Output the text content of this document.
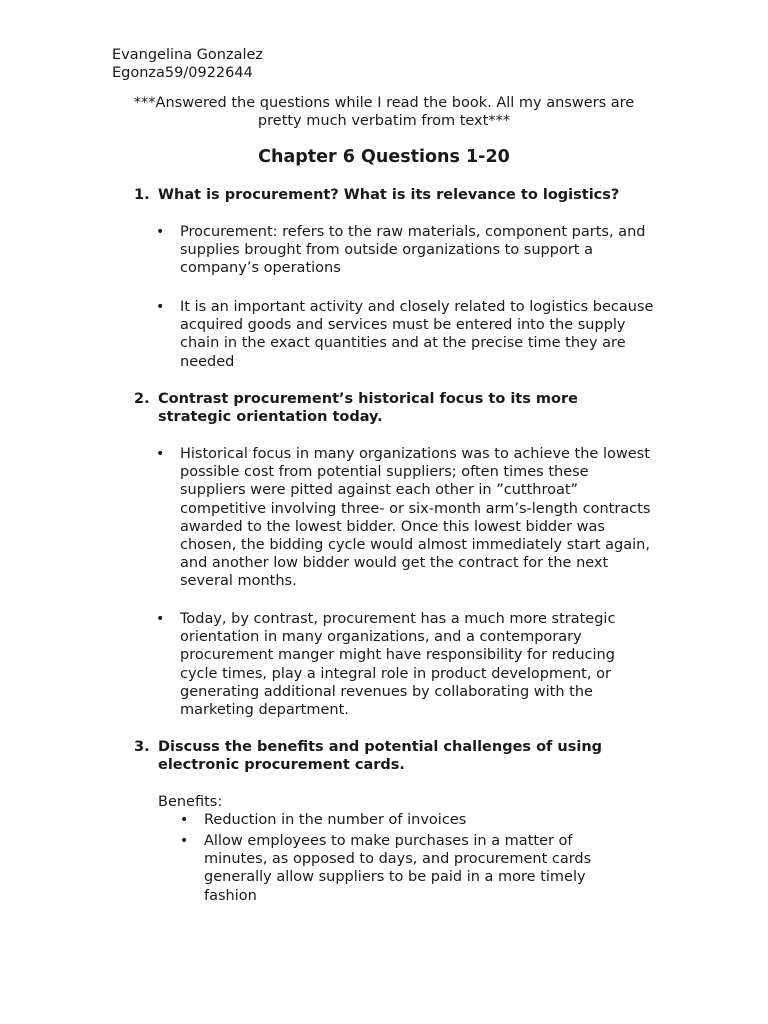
Evangelina Gonzalez
Egonza59/0922644
***Answered the questions while I read the book. All my answers are pretty much verbatim from text***
Chapter 6 Questions 1-20
1. What is procurement? What is its relevance to logistics?
• Procurement: refers to the raw materials, component parts, and supplies brought from outside organizations to support a company’s operations
• It is an important activity and closely related to logistics because acquired goods and services must be entered into the supply chain in the exact quantities and at the precise time they are needed
2. Contrast procurement’s historical focus to its more strategic orientation today.
• Historical focus in many organizations was to achieve the lowest possible cost from potential suppliers; often times these suppliers were pitted against each other in ”cutthroat” competitive involving three- or six-month arm’s-length contracts awarded to the lowest bidder. Once this lowest bidder was chosen, the bidding cycle would almost immediately start again, and another low bidder would get the contract for the next several months.
• Today, by contrast, procurement has a much more strategic orientation in many organizations, and a contemporary procurement manger might have responsibility for reducing cycle times, play a integral role in product development, or generating additional revenues by collaborating with the marketing department.
3. Discuss the benefits and potential challenges of using electronic procurement cards.
Benefits:
• Reduction in the number of invoices
• Allow employees to make purchases in a matter of minutes, as opposed to days, and procurement cards generally allow suppliers to be paid in a more timely fashion
